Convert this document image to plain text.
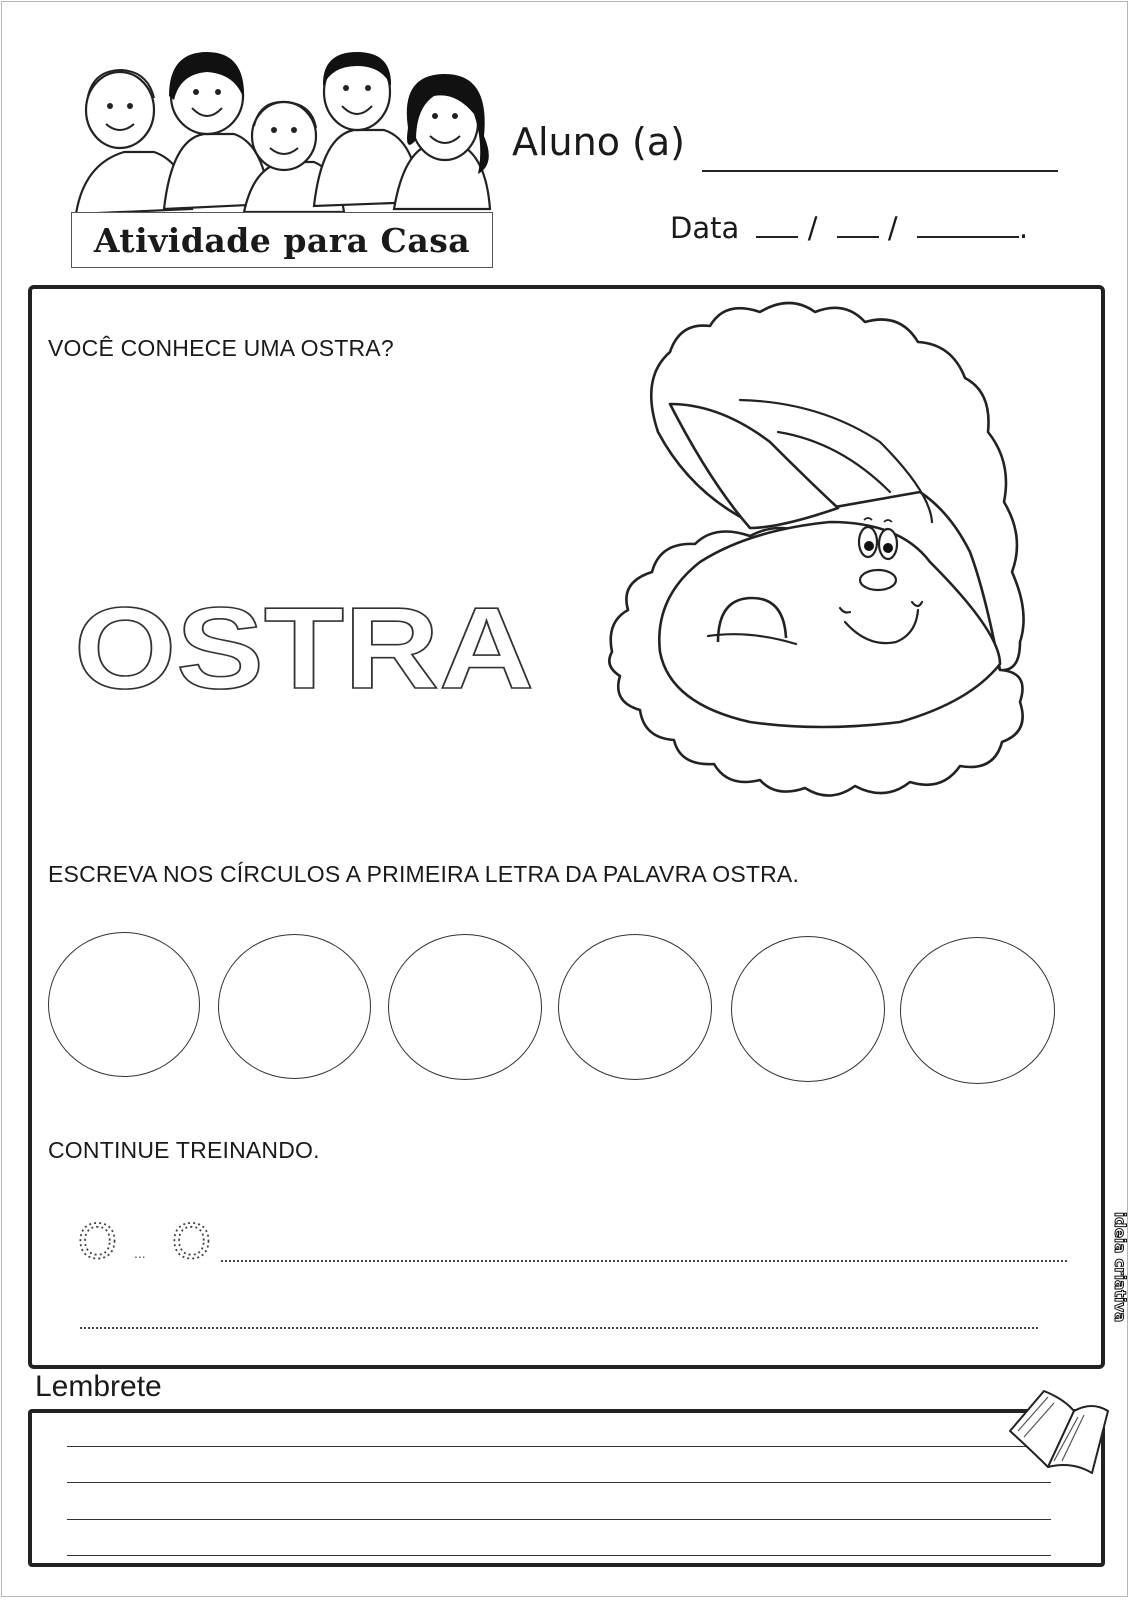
Atividade para Casa
Aluno (a)
Data / /	.
VOCÊ CONHECE UMA OSTRA?
OSTRA
ESCREVA NOS CÍRCULOS A PRIMEIRA LETRA DA PALAVRA OSTRA.
CONTINUE TREINANDO.
O ... O	ideia criativa
Lembrete
